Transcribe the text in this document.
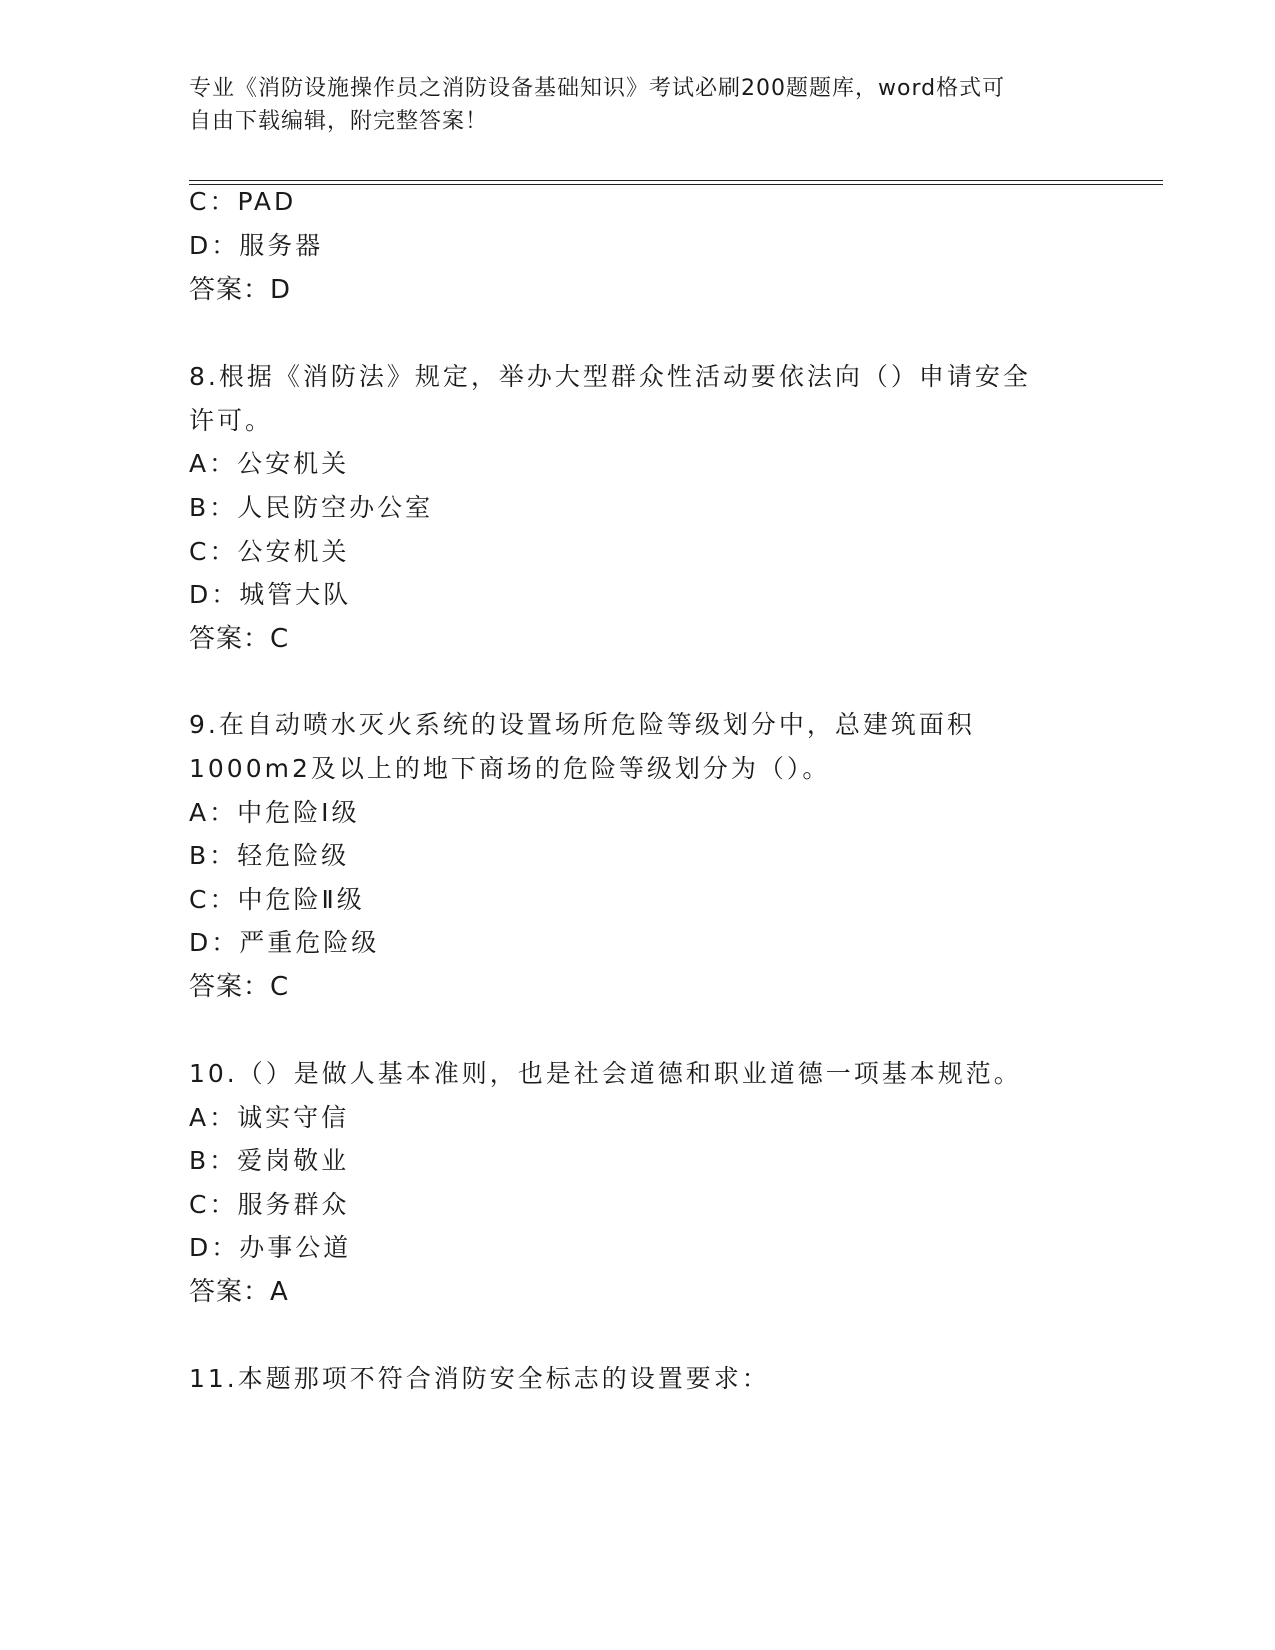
专业《消防设施操作员之消防设备基础知识》考试必刷200题题库，word格式可
自由下载编辑，附完整答案！
C：PAD
D：服务器
答案：D
8.根据《消防法》规定，举办大型群众性活动要依法向（）申请安全
许可。
A：公安机关
B：人民防空办公室
C：公安机关
D：城管大队
答案：C
9.在自动喷水灭火系统的设置场所危险等级划分中，总建筑面积
1000m2及以上的地下商场的危险等级划分为（）。
A：中危险Ⅰ级
B：轻危险级
C：中危险Ⅱ级
D：严重危险级
答案：C
10.（）是做人基本准则，也是社会道德和职业道德一项基本规范。
A：诚实守信
B：爱岗敬业
C：服务群众
D：办事公道
答案：A
11.本题那项不符合消防安全标志的设置要求：
